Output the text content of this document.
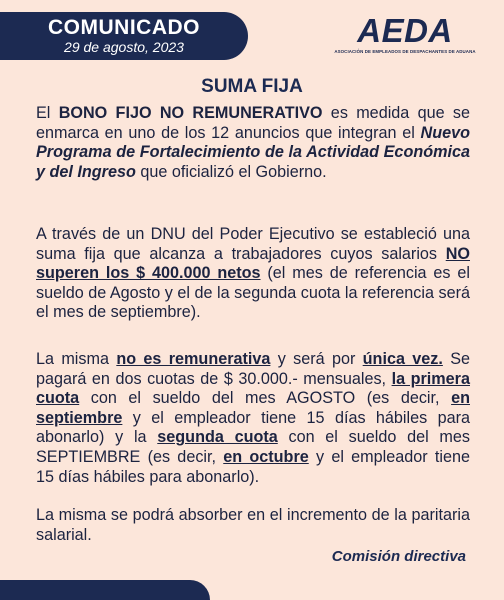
COMUNICADO
29 de agosto, 2023	AEDA
ASOCIACIÓN DE EMPLEADOS DE DESPACHANTES DE ADUANA
SUMA FIJA

El BONO FIJO NO REMUNERATIVO es medida que se enmarca en uno de los 12 anuncios que integran el Nuevo Programa de Fortalecimiento de la Actividad Económica y del Ingreso que oficializó el Gobierno.

A través de un DNU del Poder Ejecutivo se estableció una suma fija que alcanza a trabajadores cuyos salarios NO superen los $ 400.000 netos (el mes de referencia es el sueldo de Agosto y el de la segunda cuota la referencia será el mes de septiembre).

La misma no es remunerativa y será por única vez. Se pagará en dos cuotas de $ 30.000.- mensuales, la primera cuota con el sueldo del mes AGOSTO (es decir, en septiembre y el empleador tiene 15 días hábiles para abonarlo) y la segunda cuota con el sueldo del mes SEPTIEMBRE (es decir, en octubre y el empleador tiene 15 días hábiles para abonarlo).

La misma se podrá absorber en el incremento de la paritaria salarial.

Comisión directiva
